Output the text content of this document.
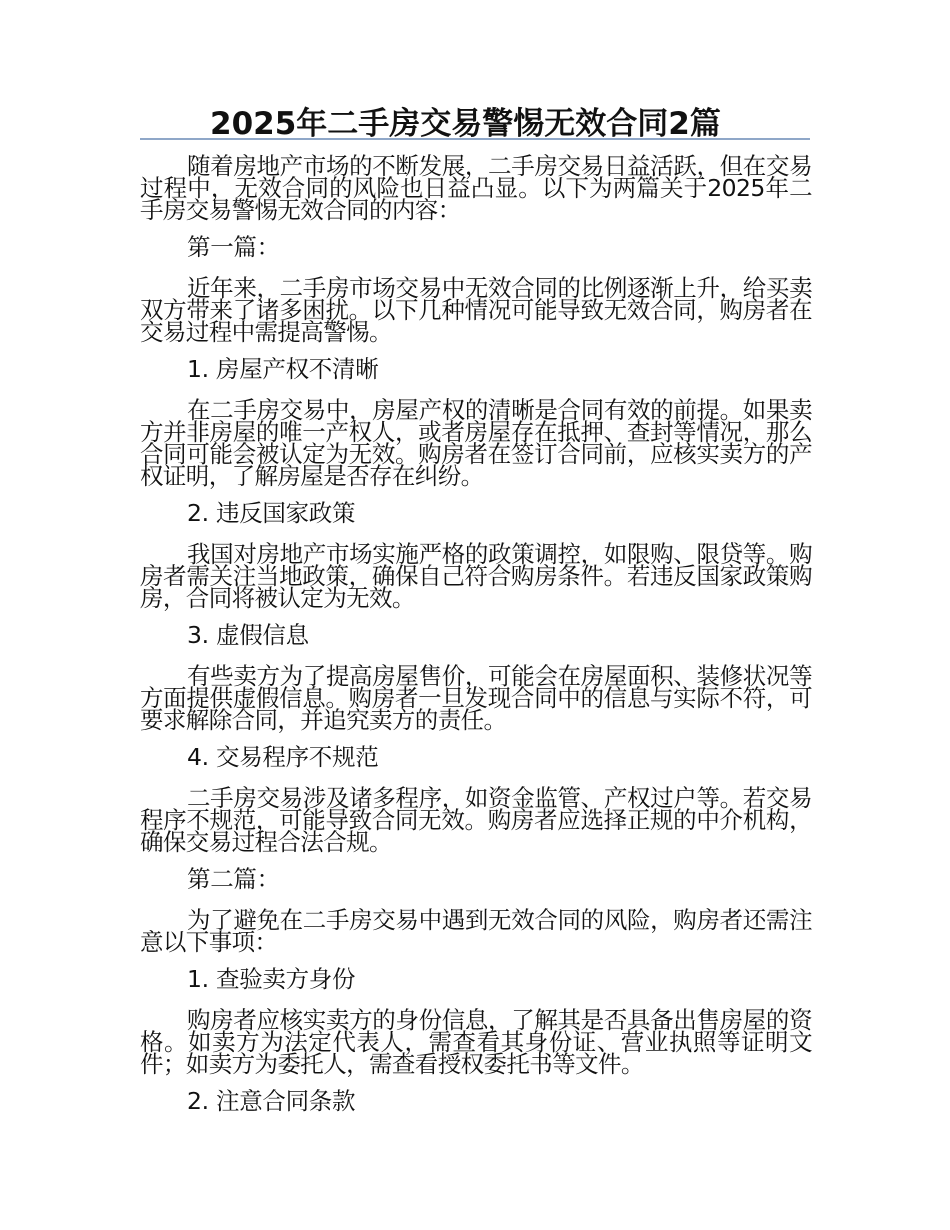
2025年二手房交易警惕无效合同2篇

随着房地产市场的不断发展，二手房交易日益活跃，但在交易过程中，无效合同的风险也日益凸显。以下为两篇关于2025年二手房交易警惕无效合同的内容：

第一篇：

近年来，二手房市场交易中无效合同的比例逐渐上升，给买卖双方带来了诸多困扰。以下几种情况可能导致无效合同，购房者在交易过程中需提高警惕。

1. 房屋产权不清晰

在二手房交易中，房屋产权的清晰是合同有效的前提。如果卖方并非房屋的唯一产权人，或者房屋存在抵押、查封等情况，那么合同可能会被认定为无效。购房者在签订合同前，应核实卖方的产权证明，了解房屋是否存在纠纷。

2. 违反国家政策

我国对房地产市场实施严格的政策调控，如限购、限贷等。购房者需关注当地政策，确保自己符合购房条件。若违反国家政策购房，合同将被认定为无效。

3. 虚假信息

有些卖方为了提高房屋售价，可能会在房屋面积、装修状况等方面提供虚假信息。购房者一旦发现合同中的信息与实际不符，可要求解除合同，并追究卖方的责任。

4. 交易程序不规范

二手房交易涉及诸多程序，如资金监管、产权过户等。若交易程序不规范，可能导致合同无效。购房者应选择正规的中介机构，确保交易过程合法合规。

第二篇：

为了避免在二手房交易中遇到无效合同的风险，购房者还需注意以下事项：

1. 查验卖方身份

购房者应核实卖方的身份信息，了解其是否具备出售房屋的资格。如卖方为法定代表人，需查看其身份证、营业执照等证明文件；如卖方为委托人，需查看授权委托书等文件。

2. 注意合同条款
